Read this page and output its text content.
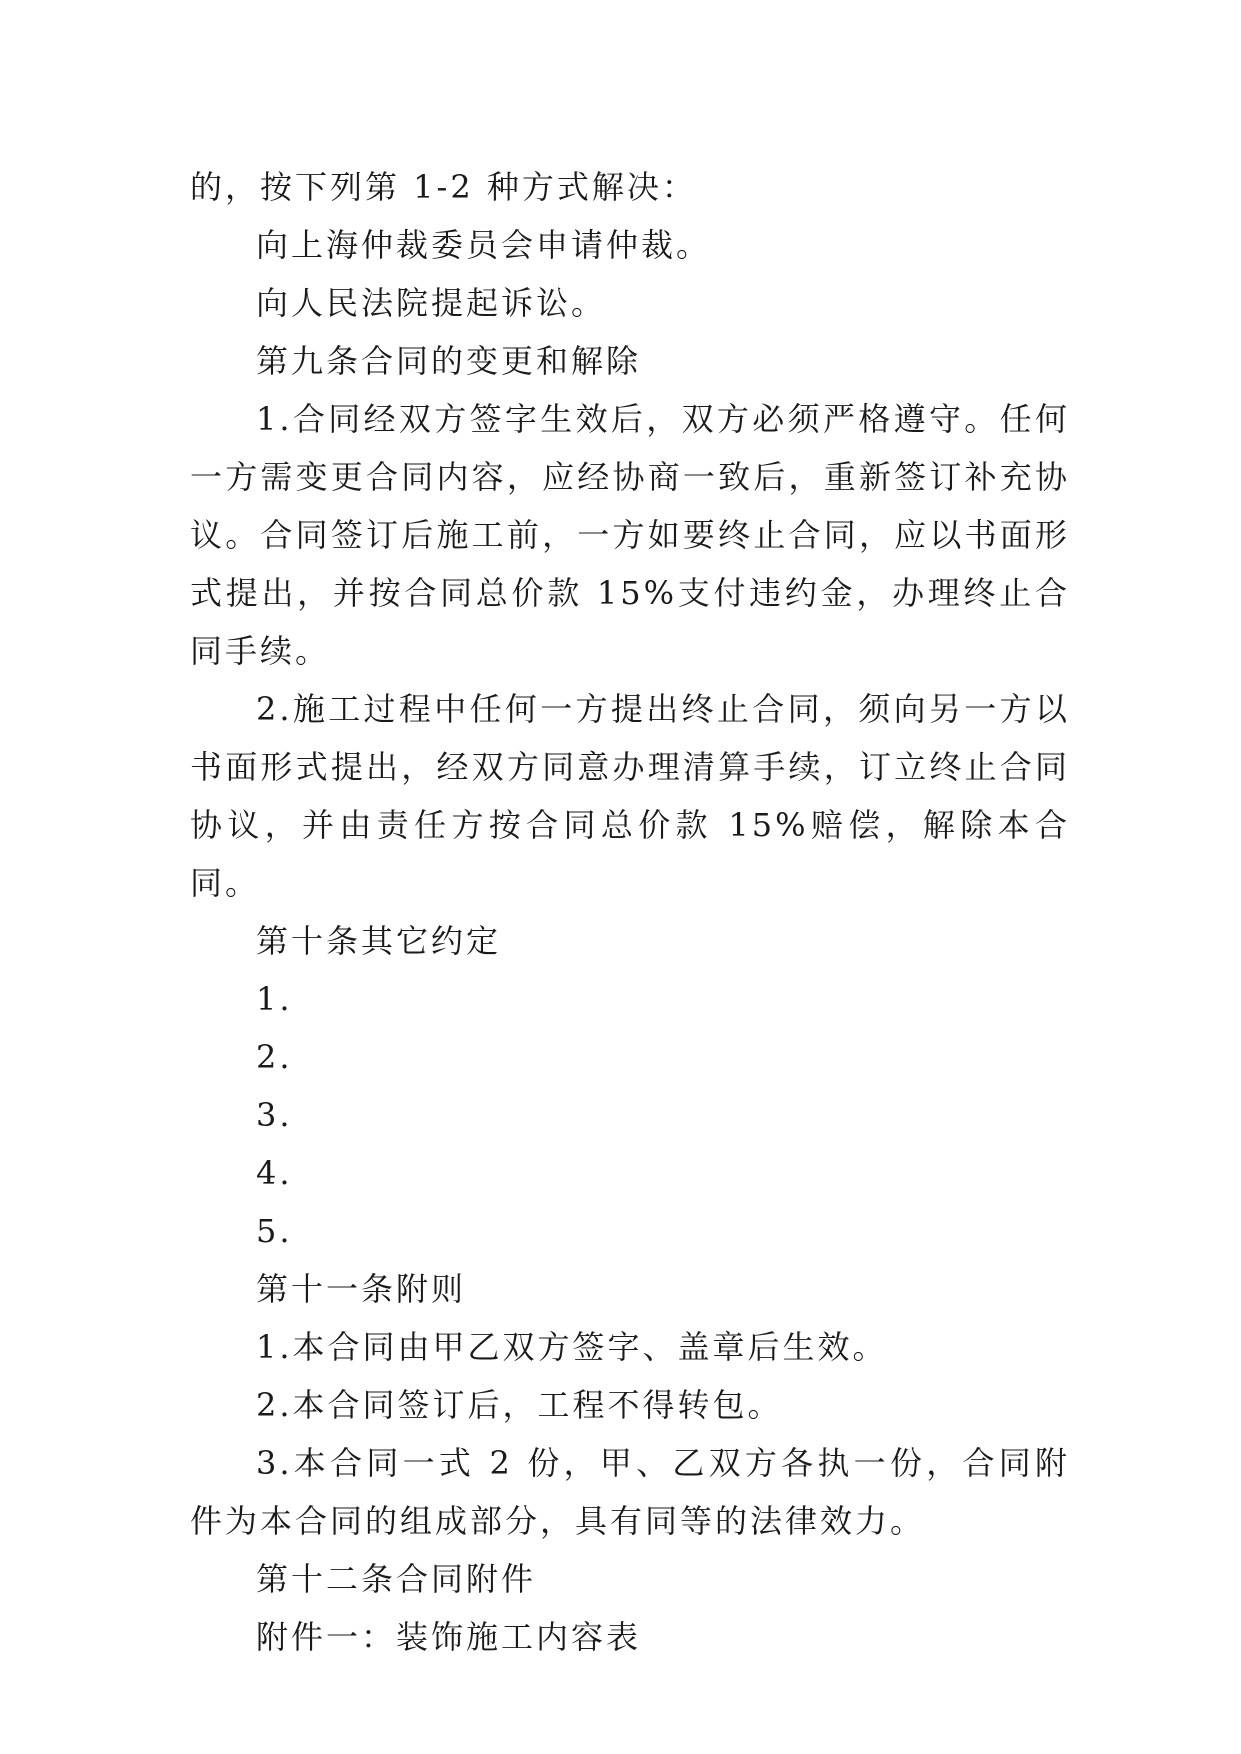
的，按下列第 1-2 种方式解决：

向上海仲裁委员会申请仲裁。

向人民法院提起诉讼。

第九条合同的变更和解除

1.合同经双方签字生效后，双方必须严格遵守。任何一方需变更合同内容，应经协商一致后，重新签订补充协议。合同签订后施工前，一方如要终止合同，应以书面形式提出，并按合同总价款 15%支付违约金，办理终止合同手续。

2.施工过程中任何一方提出终止合同，须向另一方以书面形式提出，经双方同意办理清算手续，订立终止合同协议，并由责任方按合同总价款 15%赔偿，解除本合同。

第十条其它约定

1.

2.

3.

4.

5.

第十一条附则

1.本合同由甲乙双方签字、盖章后生效。

2.本合同签订后，工程不得转包。

3.本合同一式 2 份，甲、乙双方各执一份，合同附件为本合同的组成部分，具有同等的法律效力。

第十二条合同附件

附件一：装饰施工内容表
